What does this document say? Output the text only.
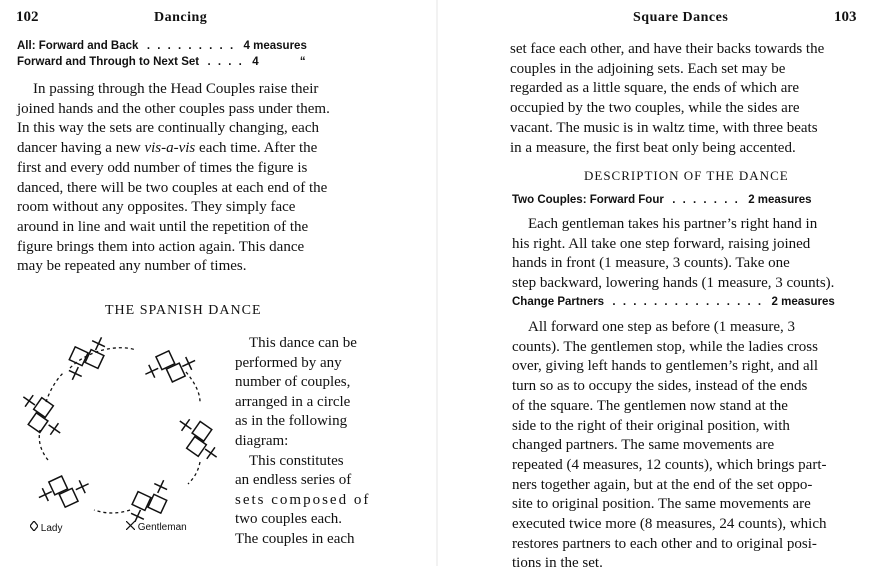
102	Dancing
All: Forward and Back  . . . . . . . . .  4 measures
Forward and Through to Next Set  . . . .  4	“
In passing through the Head Couples raise their
joined hands and the other couples pass under them.
In this way the sets are continually changing, each
dancer having a new vis-a-vis each time. After the
first and every odd number of times the figure is
danced, there will be two couples at each end of the
room without any opposites. They simply face
around in line and wait until the repetition of the
figure brings them into action again. This dance
may be repeated any number of times.
THE SPANISH DANCE
Lady	Gentleman
This dance can be
performed by any
number of couples,
arranged in a circle
as in the following
diagram:
This constitutes
an endless series of
sets composed of
two couples each.
The couples in each
Square Dances	103
set face each other, and have their backs towards the
couples in the adjoining sets. Each set may be
regarded as a little square, the ends of which are
occupied by the two couples, while the sides are
vacant. The music is in waltz time, with three beats
in a measure, the first beat only being accented.
DESCRIPTION OF THE DANCE
Two Couples: Forward Four  . . . . . . .  2 measures
Each gentleman takes his partner’s right hand in
his right. All take one step forward, raising joined
hands in front (1 measure, 3 counts). Take one
step backward, lowering hands (1 measure, 3 counts).
Change Partners  . . . . . . . . . . . . . . .  2 measures
All forward one step as before (1 measure, 3
counts). The gentlemen stop, while the ladies cross
over, giving left hands to gentlemen’s right, and all
turn so as to occupy the sides, instead of the ends
of the square. The gentlemen now stand at the
side to the right of their original position, with
changed partners. The same movements are
repeated (4 measures, 12 counts), which brings part-
ners together again, but at the end of the set oppo-
site to original position. The same movements are
executed twice more (8 measures, 24 counts), which
restores partners to each other and to original posi-
tions in the set.
